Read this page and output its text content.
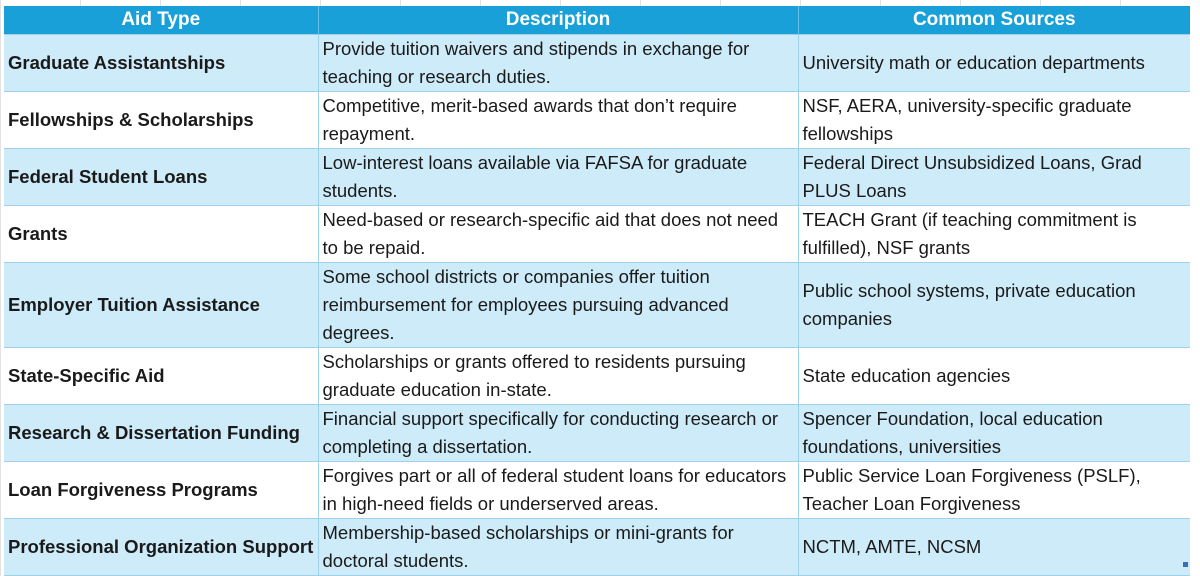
Aid Type	Description	Common Sources
Graduate Assistantships	Provide tuition waivers and stipends in exchange for teaching or research duties.	University math or education departments
Fellowships & Scholarships	Competitive, merit-based awards that don’t require repayment.	NSF, AERA, university-specific graduate fellowships
Federal Student Loans	Low-interest loans available via FAFSA for graduate students.	Federal Direct Unsubsidized Loans, Grad PLUS Loans
Grants	Need-based or research-specific aid that does not need to be repaid.	TEACH Grant (if teaching commitment is fulfilled), NSF grants
Employer Tuition Assistance	Some school districts or companies offer tuition reimbursement for employees pursuing advanced degrees.	Public school systems, private education companies
State-Specific Aid	Scholarships or grants offered to residents pursuing graduate education in-state.	State education agencies
Research & Dissertation Funding	Financial support specifically for conducting research or completing a dissertation.	Spencer Foundation, local education foundations, universities
Loan Forgiveness Programs	Forgives part or all of federal student loans for educators in high-need fields or underserved areas.	Public Service Loan Forgiveness (PSLF), Teacher Loan Forgiveness
Professional Organization Support	Membership-based scholarships or mini-grants for doctoral students.	NCTM, AMTE, NCSM
